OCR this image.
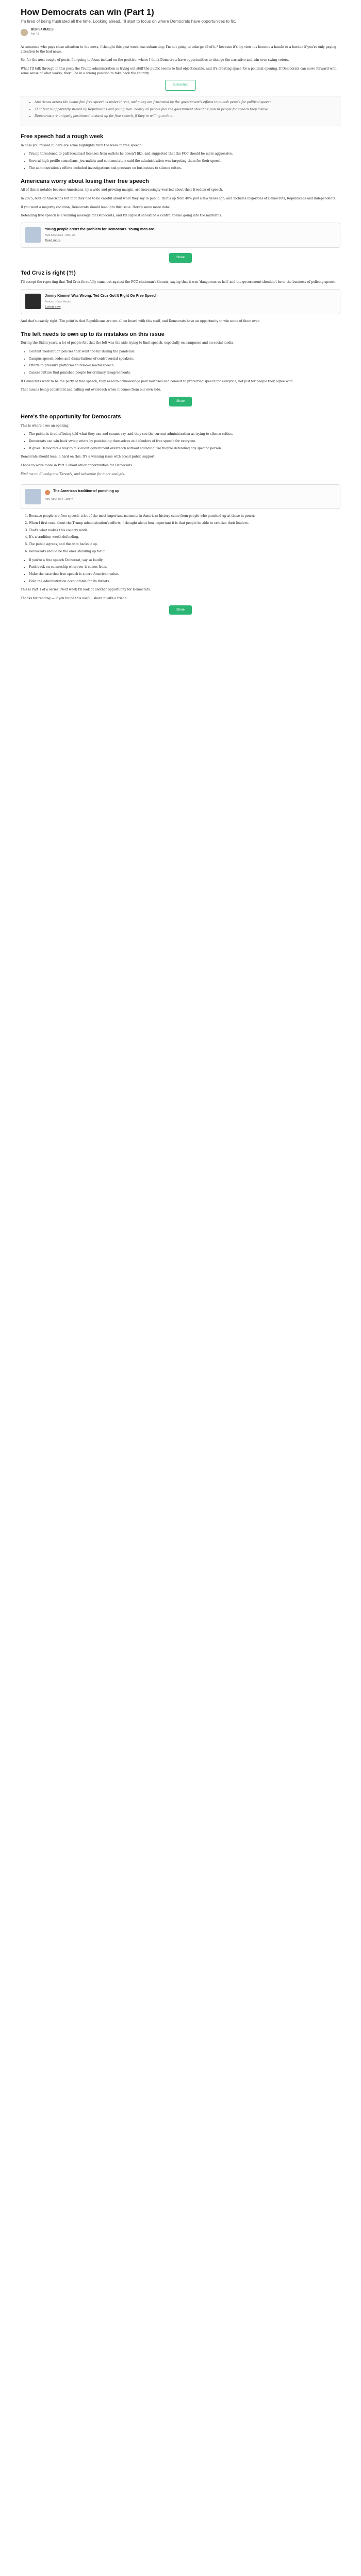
How Democrats can win (Part 1)
I'm tired of being frustrated all the time. Looking ahead, I'll start to focus on where Democrats have opportunities to fix.
BEN SAMUELS
Apr 11

As someone who pays close attention to the news, I thought this past week was exhausting. I'm not going to enlarge all of it,* because it's my view it's become a hassle or a burden if you're only paying attention to the bad news.

So, for the next couple of posts, I'm going to focus instead on the positive: where I think Democrats have opportunities to change the narrative and win over swing voters.

What I'll talk through in this post: the Trump administration is trying out stuff the public seems to find objectionable, and it's creating space for a political opening. If Democrats can move forward with some sense of what works, they'll be in a strong position to take back the country.

Subscribed
• Americans across the board feel free speech is under threat, and many are frustrated by the government's efforts to punish people for political speech.
• That fear is apparently shared by Republicans and young men: nearly all people feel the government shouldn't punish people for speech they dislike.
• Democrats are uniquely positioned to stand up for free speech, if they're willing to do it.
Free speech had a rough week

In case you missed it, here are some highlights from the week in free speech:

• Trump threatened to pull broadcast licenses from outlets he doesn't like, and suggested that the FCC should be more aggressive.
• Several high-profile comedians, journalists and commentators said the administration was targeting them for their speech.
• The administration's efforts included investigations and pressure on businesses to silence critics.
Americans worry about losing their free speech

All of this is notable because Americans, by a wide and growing margin, are increasingly worried about their freedom of speech.

In 2025, 60% of Americans felt that they had to be careful about what they say in public. That's up from 40% just a few years ago, and includes majorities of Democrats, Republicans and independents.

If you want a majority coalition, Democrats should lean into this issue. Here's some more data:

Defending free speech is a winning message for Democrats, and I'd argue it should be a central theme going into the midterms.

Young people aren't the problem for Democrats. Young men are.
BEN SAMUELS · MAR 20
Read more
Share
Ted Cruz is right (?!)

I'll accept the reporting that Ted Cruz forcefully came out against the FCC chairman's threats, saying that it was 'dangerous as hell' and the government shouldn't be in the business of policing speech.

Jimmy Kimmel Was Wrong: Ted Cruz Got It Right On Free Speech
Podcast · Cruz Verdict
Listen now

And that's exactly right. The point is that Republicans are not all on board with this stuff, and Democrats have an opportunity to win some of them over.

The left needs to own up to its mistakes on this issue

During the Biden years, a lot of people felt that the left was the side trying to limit speech, especially on campuses and on social media.

• Content moderation policies that went too far during the pandemic.
• Campus speech codes and disinvitations of controversial speakers.
• Efforts to pressure platforms to remove lawful speech.
• Cancel culture that punished people for ordinary disagreements.

If Democrats want to be the party of free speech, they need to acknowledge past mistakes and commit to protecting speech for everyone, not just for people they agree with.

That means being consistent and calling out overreach when it comes from our own side.

Share
Here's the opportunity for Democrats

This is where I see an opening:

• The public is tired of being told what they can and cannot say, and they see the current administration as trying to silence critics.
• Democrats can win back swing voters by positioning themselves as defenders of free speech for everyone.
• It gives Democrats a way to talk about government overreach without sounding like they're defending any specific person.

Democrats should lean in hard on this. It's a winning issue with broad public support.

I hope to write more in Part 2 about other opportunities for Democrats.

Find me on Bluesky and Threads, and subscribe for more analysis.

The American tradition of punching up
BEN SAMUELS · APR 2
1. Because people are free speech, a lot of the most important moments in American history came from people who punched up at those in power.
2. When I first read about the Trump administration's efforts, I thought about how important it is that people be able to criticize their leaders.
3. That's what makes this country work.
4. It's a tradition worth defending.
5. The public agrees, and the data backs it up.
6. Democrats should be the ones standing up for it.
• If you're a free speech Democrat, say so loudly.
• Push back on censorship wherever it comes from.
• Make the case that free speech is a core American value.
• Hold the administration accountable for its threats.

This is Part 1 of a series. Next week I'll look at another opportunity for Democrats.

Thanks for reading — if you found this useful, share it with a friend.

Share
